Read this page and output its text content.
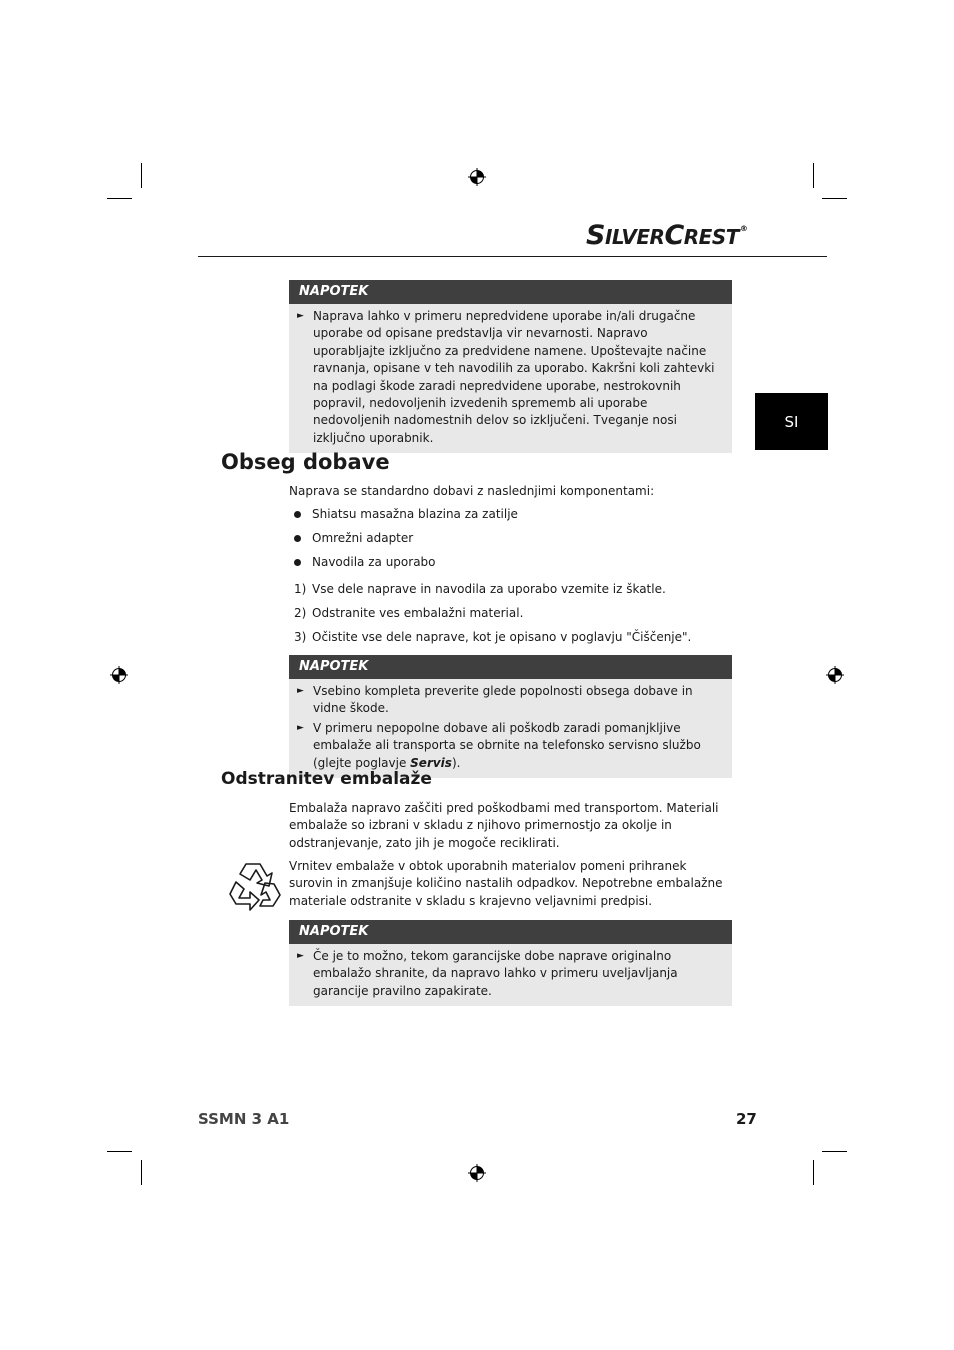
SILVERCREST®
SI
NAPOTEK
► Naprava lahko v primeru nepredvidene uporabe in/ali drugačne uporabe od opisane predstavlja vir nevarnosti. Napravo uporabljajte izključno za predvidene namene. Upoštevajte načine ravnanja, opisane v teh navodilih za uporabo. Kakršni koli zahtevki na podlagi škode zaradi nepredvidene uporabe, nestrokovnih popravil, nedovoljenih izvedenih sprememb ali uporabe nedovoljenih nadomestnih delov so izključeni. Tveganje nosi izključno uporabnik.
Obseg dobave
Naprava se standardno dobavi z naslednjimi komponentami:
Shiatsu masažna blazina za zatilje
Omrežni adapter
Navodila za uporabo
1) Vse dele naprave in navodila za uporabo vzemite iz škatle.
2) Odstranite ves embalažni material.
3) Očistite vse dele naprave, kot je opisano v poglavju "Čiščenje".
NAPOTEK
► Vsebino kompleta preverite glede popolnosti obsega dobave in vidne škode.
► V primeru nepopolne dobave ali poškodb zaradi pomanjkljive embalaže ali transporta se obrnite na telefonsko servisno službo (glejte poglavje Servis).
Odstranitev embalaže
Embalaža napravo zaščiti pred poškodbami med transportom. Materiali embalaže so izbrani v skladu z njihovo primernostjo za okolje in odstranjevanje, zato jih je mogoče reciklirati.
Vrnitev embalaže v obtok uporabnih materialov pomeni prihranek surovin in zmanjšuje količino nastalih odpadkov. Nepotrebne embalažne materiale odstranite v skladu s krajevno veljavnimi predpisi.
NAPOTEK
► Če je to možno, tekom garancijske dobe naprave originalno embalažo shranite, da napravo lahko v primeru uveljavljanja garancije pravilno zapakirate.
SSMN 3 A1	27
